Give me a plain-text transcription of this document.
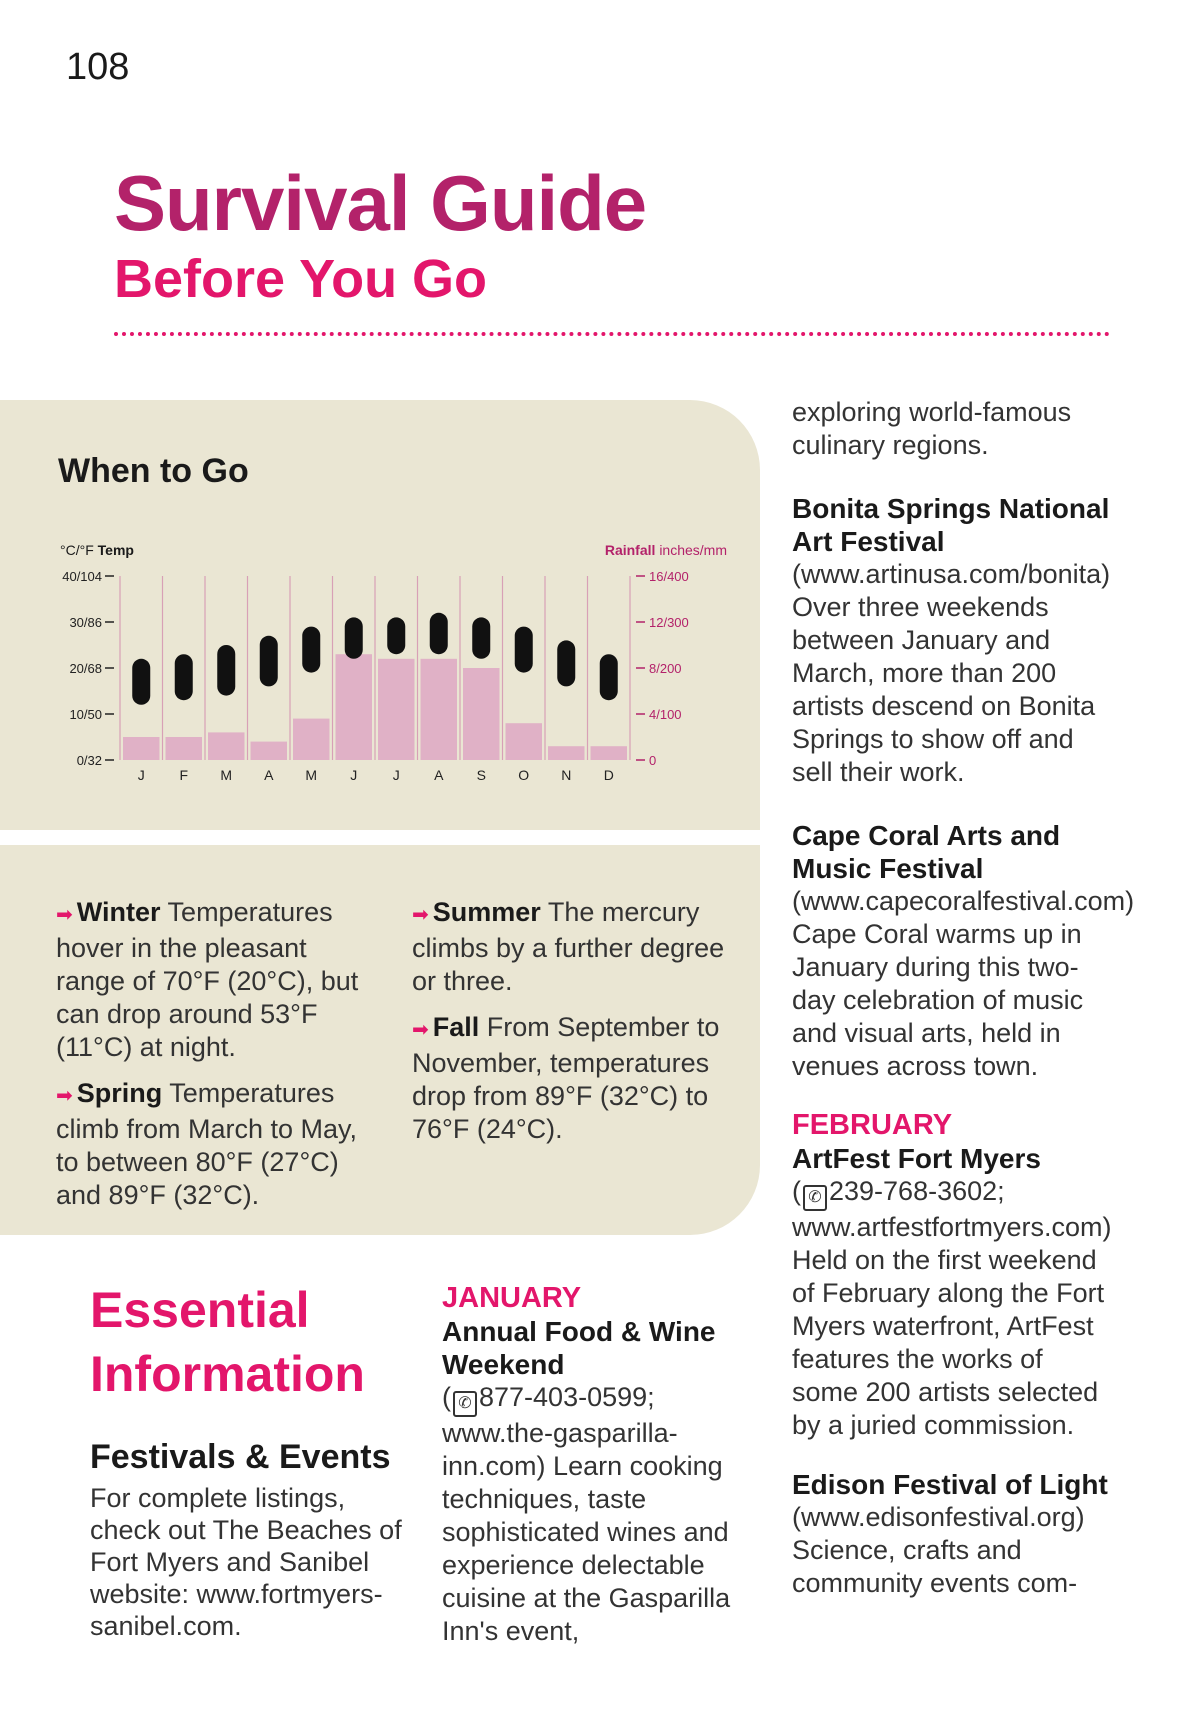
108
Survival Guide
Before You Go
When to Go
°C/°F Temp	Rainfall inches/mm
40/104
30/86
20/68
10/50
0/32
16/400
12/300
8/200
4/100
0
J F M A M J	J A S O N D

➡ Winter Temperatures hover in the pleasant range of 70°F (20°C), but can drop around 53°F (11°C) at night.

➡ Spring Temperatures climb from March to May, to between 80°F (27°C) and 89°F (32°C).

➡ Summer The mercury climbs by a further degree or three.

➡ Fall From September to November, temperatures drop from 89°F (32°C) to 76°F (24°C).

Essential Information
Festivals & Events
For complete listings, check out The Beaches of Fort Myers and Sanibel website: www.fortmyers-sanibel.com.
JANUARY
Annual Food & Wine Weekend
( ✆ 877-403-0599; www.the-gasparilla-inn.com) Learn cooking techniques, taste sophisticated wines and experience delectable cuisine at the Gasparilla Inn's event,
exploring world-famous culinary regions.
Bonita Springs National Art Festival
(www.artinusa.com/bonita) Over three weekends between January and March, more than 200 artists descend on Bonita Springs to show off and sell their work.
Cape Coral Arts and Music Festival
(www.capecoralfestival.com) Cape Coral warms up in January during this two-day celebration of music and visual arts, held in venues across town.
FEBRUARY
ArtFest Fort Myers
( ✆ 239-768-3602; www.artfestfortmyers.com) Held on the first weekend of February along the Fort Myers waterfront, ArtFest features the works of some 200 artists selected by a juried commission.
Edison Festival of Light
(www.edisonfestival.org) Science, crafts and community events com-
